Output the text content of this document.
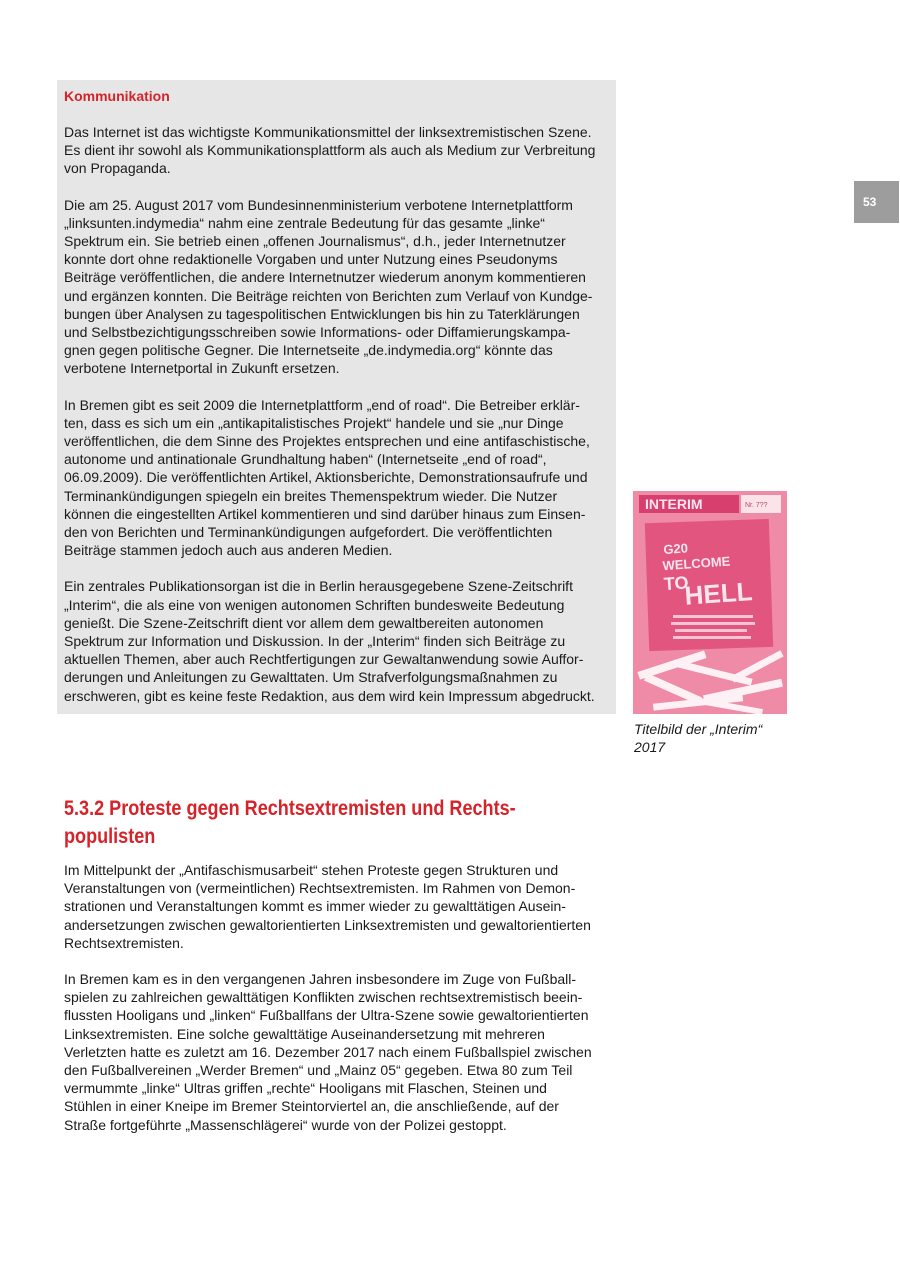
Kommunikation

Das Internet ist das wichtigste Kommunikationsmittel der linksextremistischen Szene.
Es dient ihr sowohl als Kommunikationsplattform als auch als Medium zur Verbreitung
von Propaganda.

Die am 25. August 2017 vom Bundesinnenministerium verbotene Internetplattform
„linksunten.indymedia“ nahm eine zentrale Bedeutung für das gesamte „linke“
Spektrum ein. Sie betrieb einen „offenen Journalismus“, d.h., jeder Internetnutzer
konnte dort ohne redaktionelle Vorgaben und unter Nutzung eines Pseudonyms
Beiträge veröffentlichen, die andere Internetnutzer wiederum anonym kommentieren
und ergänzen konnten. Die Beiträge reichten von Berichten zum Verlauf von Kundge-
bungen über Analysen zu tagespolitischen Entwicklungen bis hin zu Taterklärungen
und Selbstbezichtigungsschreiben sowie Informations- oder Diffamierungskampa-
gnen gegen politische Gegner. Die Internetseite „de.indymedia.org“ könnte das
verbotene Internetportal in Zukunft ersetzen.

In Bremen gibt es seit 2009 die Internetplattform „end of road“. Die Betreiber erklär-
ten, dass es sich um ein „antikapitalistisches Projekt“ handele und sie „nur Dinge
veröffentlichen, die dem Sinne des Projektes entsprechen und eine antifaschistische,
autonome und antinationale Grundhaltung haben“ (Internetseite „end of road“,
06.09.2009). Die veröffentlichten Artikel, Aktionsberichte, Demonstrationsaufrufe und
Terminankündigungen spiegeln ein breites Themenspektrum wieder. Die Nutzer
können die eingestellten Artikel kommentieren und sind darüber hinaus zum Einsen-
den von Berichten und Terminankündigungen aufgefordert. Die veröffentlichten
Beiträge stammen jedoch auch aus anderen Medien.

Ein zentrales Publikationsorgan ist die in Berlin herausgegebene Szene-Zeitschrift
„Interim“, die als eine von wenigen autonomen Schriften bundesweite Bedeutung
genießt. Die Szene-Zeitschrift dient vor allem dem gewaltbereiten autonomen
Spektrum zur Information und Diskussion. In der „Interim“ finden sich Beiträge zu
aktuellen Themen, aber auch Rechtfertigungen zur Gewaltanwendung sowie Auffor-
derungen und Anleitungen zu Gewalttaten. Um Strafverfolgungsmaßnahmen zu
erschweren, gibt es keine feste Redaktion, aus dem wird kein Impressum abgedruckt.

53
INTERIM	Nr. 7??
G20
WELCOME
TO
HELL
Titelbild der „Interim“
2017
5.3.2 Proteste gegen Rechtsextremisten und Rechts-
populisten

Im Mittelpunkt der „Antifaschismusarbeit“ stehen Proteste gegen Strukturen und
Veranstaltungen von (vermeintlichen) Rechtsextremisten. Im Rahmen von Demon-
strationen und Veranstaltungen kommt es immer wieder zu gewalttätigen Ausein-
andersetzungen zwischen gewaltorientierten Linksextremisten und gewaltorientierten
Rechtsextremisten.

In Bremen kam es in den vergangenen Jahren insbesondere im Zuge von Fußball-
spielen zu zahlreichen gewalttätigen Konflikten zwischen rechtsextremistisch beein-
flussten Hooligans und „linken“ Fußballfans der Ultra-Szene sowie gewaltorientierten
Linksextremisten. Eine solche gewalttätige Auseinandersetzung mit mehreren
Verletzten hatte es zuletzt am 16. Dezember 2017 nach einem Fußballspiel zwischen
den Fußballvereinen „Werder Bremen“ und „Mainz 05“ gegeben. Etwa 80 zum Teil
vermummte „linke“ Ultras griffen „rechte“ Hooligans mit Flaschen, Steinen und
Stühlen in einer Kneipe im Bremer Steintorviertel an, die anschließende, auf der
Straße fortgeführte „Massenschlägerei“ wurde von der Polizei gestoppt.
